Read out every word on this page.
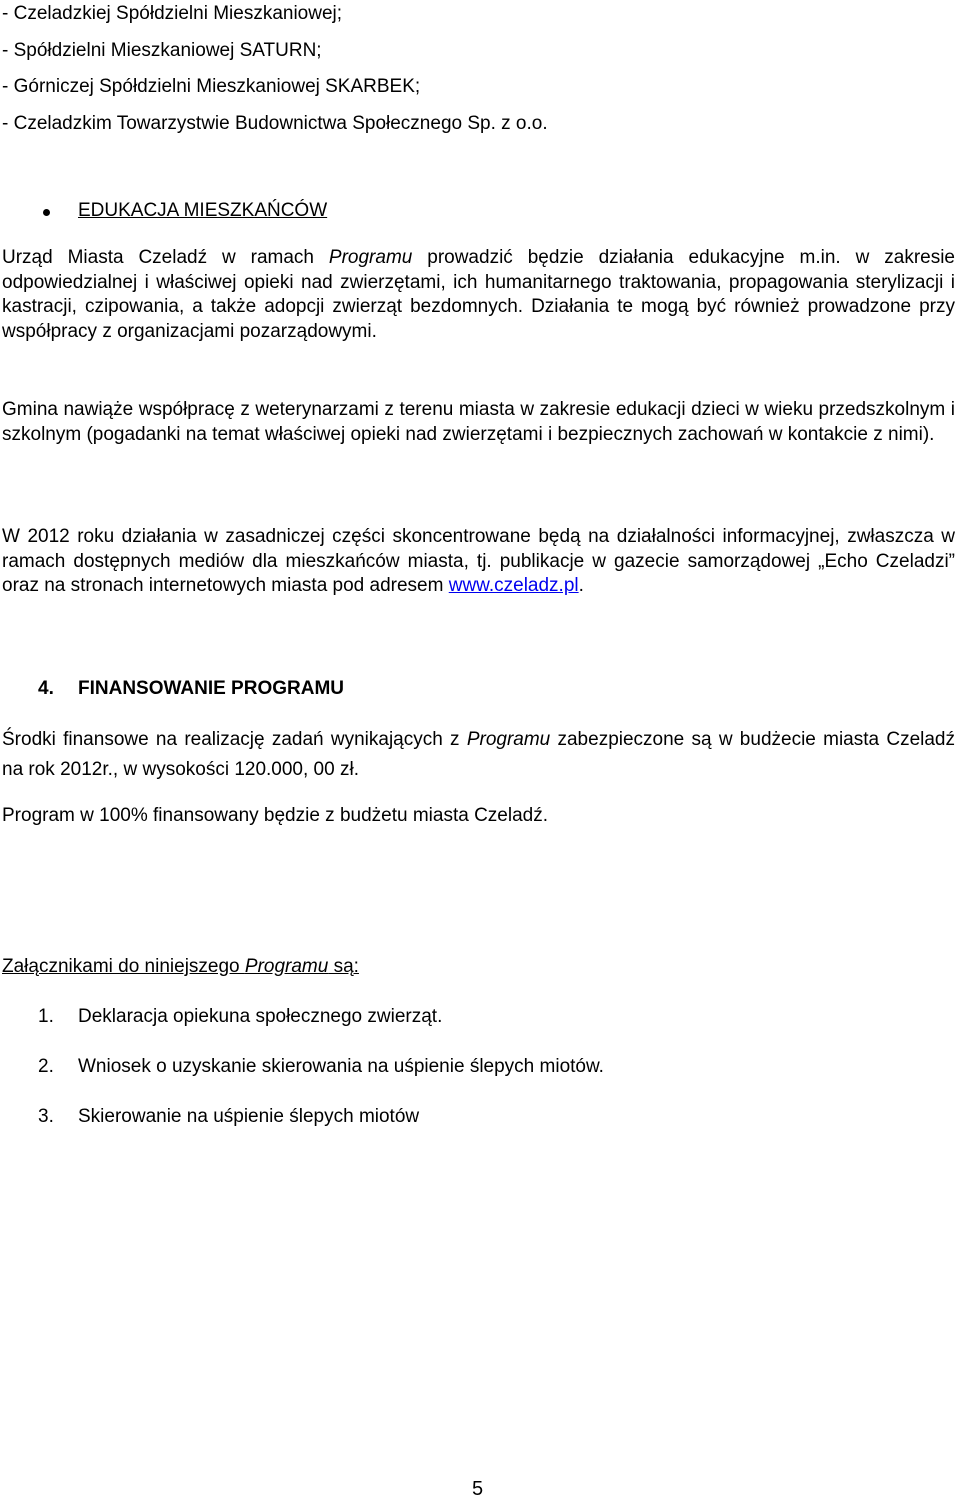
- Czeladzkiej Spółdzielni Mieszkaniowej;
- Spółdzielni Mieszkaniowej SATURN;
- Górniczej Spółdzielni Mieszkaniowej SKARBEK;
- Czeladzkim Towarzystwie Budownictwa Społecznego Sp. z o.o.
EDUKACJA MIESZKAŃCÓW
Urząd Miasta Czeladź w ramach Programu prowadzić będzie działania edukacyjne m.in. w zakresie odpowiedzialnej i właściwej opieki nad zwierzętami, ich humanitarnego traktowania, propagowania sterylizacji i kastracji, czipowania, a także adopcji zwierząt bezdomnych. Działania te mogą być również prowadzone przy współpracy z organizacjami pozarządowymi.
Gmina nawiąże współpracę z weterynarzami z terenu miasta w zakresie edukacji dzieci w wieku przedszkolnym i szkolnym (pogadanki na temat właściwej opieki nad zwierzętami i bezpiecznych zachowań w kontakcie z nimi).
W 2012 roku działania w zasadniczej części skoncentrowane będą na działalności informacyjnej, zwłaszcza w ramach dostępnych mediów dla mieszkańców miasta, tj. publikacje w gazecie samorządowej „Echo Czeladzi” oraz na stronach internetowych miasta pod adresem www.czeladz.pl.
4. FINANSOWANIE PROGRAMU
Środki finansowe na realizację zadań wynikających z Programu zabezpieczone są w budżecie miasta Czeladź na rok 2012r., w wysokości 120.000, 00 zł.
Program w 100% finansowany będzie z budżetu miasta Czeladź.
Załącznikami do niniejszego Programu są:
1. Deklaracja opiekuna społecznego zwierząt.
2. Wniosek o uzyskanie skierowania na uśpienie ślepych miotów.
3. Skierowanie na uśpienie ślepych miotów
5
